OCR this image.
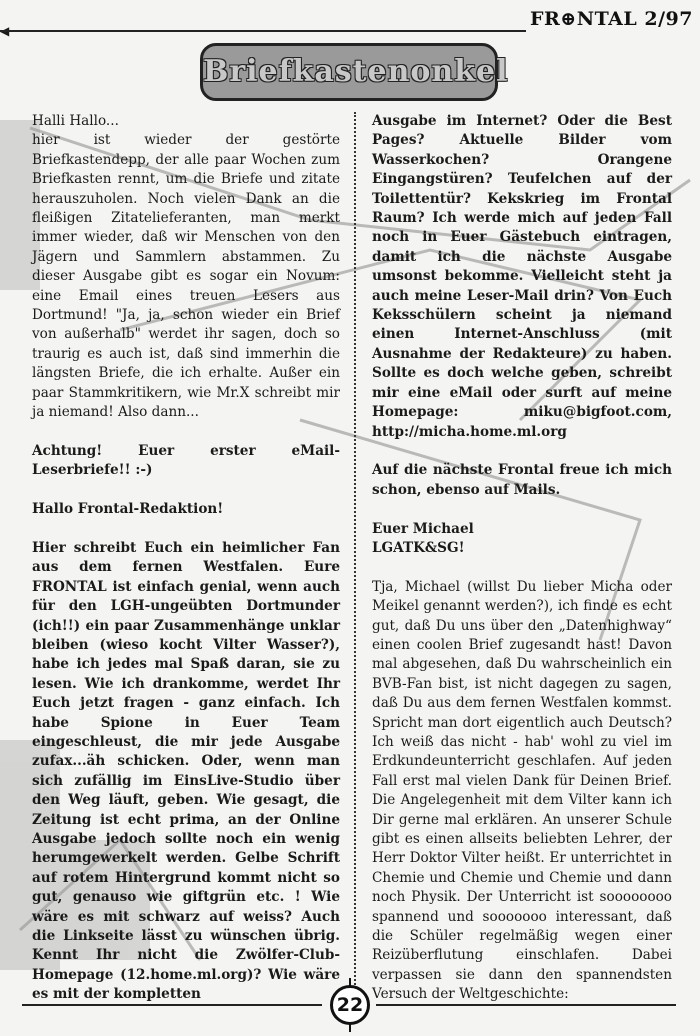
◀
FR⊕NTAL 2/97
Briefkastenonkel

Halli Hallo...
hier ist wieder der gestörte Briefkastendepp, der alle paar Wochen zum Briefkasten rennt, um die Briefe und zitate herauszuholen. Noch vielen Dank an die fleißigen Zitatelieferanten, man merkt immer wieder, daß wir Menschen von den Jägern und Sammlern abstammen. Zu dieser Ausgabe gibt es sogar ein Novum: eine Email eines treuen Lesers aus Dortmund! "Ja, ja, schon wieder ein Brief von außerhalb" werdet ihr sagen, doch so traurig es auch ist, daß sind immerhin die längsten Briefe, die ich erhalte. Außer ein paar Stammkritikern, wie Mr.X schreibt mir ja niemand! Also dann...

Achtung! Euer erster eMail-Leserbriefe!! :-)

Hallo Frontal-Redaktion!

Hier schreibt Euch ein heimlicher Fan aus dem fernen Westfalen. Eure FRONTAL ist einfach genial, wenn auch für den LGH-ungeübten Dortmunder (ich!!) ein paar Zusammenhänge unklar bleiben (wieso kocht Vilter Wasser?), habe ich jedes mal Spaß daran, sie zu lesen. Wie ich drankomme, werdet Ihr Euch jetzt fragen - ganz einfach. Ich habe Spione in Euer Team eingeschleust, die mir jede Ausgabe zufax...äh schicken. Oder, wenn man sich zufällig im EinsLive-Studio über den Weg läuft, geben. Wie gesagt, die Zeitung ist echt prima, an der Online Ausgabe jedoch sollte noch ein wenig herumgewerkelt werden. Gelbe Schrift auf rotem Hintergrund kommt nicht so gut, genauso wie giftgrün etc. ! Wie wäre es mit schwarz auf weiss? Auch die Linkseite lässt zu wünschen übrig. Kennt Ihr nicht die Zwölfer-Club-Homepage (12.home.ml.org)? Wie wäre es mit der kompletten

Ausgabe im Internet? Oder die Best Pages? Aktuelle Bilder vom Wasserkochen? Orangene Eingangstüren? Teufelchen auf der Toilettentür? Kekskrieg im Frontal Raum? Ich werde mich auf jeden Fall noch in Euer Gästebuch eintragen, damit ich die nächste Ausgabe umsonst bekomme. Vielleicht steht ja auch meine Leser-Mail drin? Von Euch Keksschülern scheint ja niemand einen Internet-Anschluss (mit Ausnahme der Redakteure) zu haben. Sollte es doch welche geben, schreibt mir eine eMail oder surft auf meine Homepage: miku@bigfoot.com, http://micha.home.ml.org

Auf die nächste Frontal freue ich mich schon, ebenso auf Mails.

Euer Michael

LGATK&SG!

Tja, Michael (willst Du lieber Micha oder Meikel genannt werden?), ich finde es echt gut, daß Du uns über den „Datenhighway“ einen coolen Brief zugesandt hast! Davon mal abgesehen, daß Du wahrscheinlich ein BVB-Fan bist, ist nicht dagegen zu sagen, daß Du aus dem fernen Westfalen kommst. Spricht man dort eigentlich auch Deutsch? Ich weiß das nicht - hab' wohl zu viel im Erdkundeunterricht geschlafen. Auf jeden Fall erst mal vielen Dank für Deinen Brief. Die Angelegenheit mit dem Vilter kann ich Dir gerne mal erklären. An unserer Schule gibt es einen allseits beliebten Lehrer, der Herr Doktor Vilter heißt. Er unterrichtet in Chemie und Chemie und Chemie und dann noch Physik. Der Unterricht ist soooooooo spannend und sooooooo interessant, daß die Schüler regelmäßig wegen einer Reizüberflutung einschlafen. Dabei verpassen sie dann den spannendsten Versuch der Weltgeschichte:

22
